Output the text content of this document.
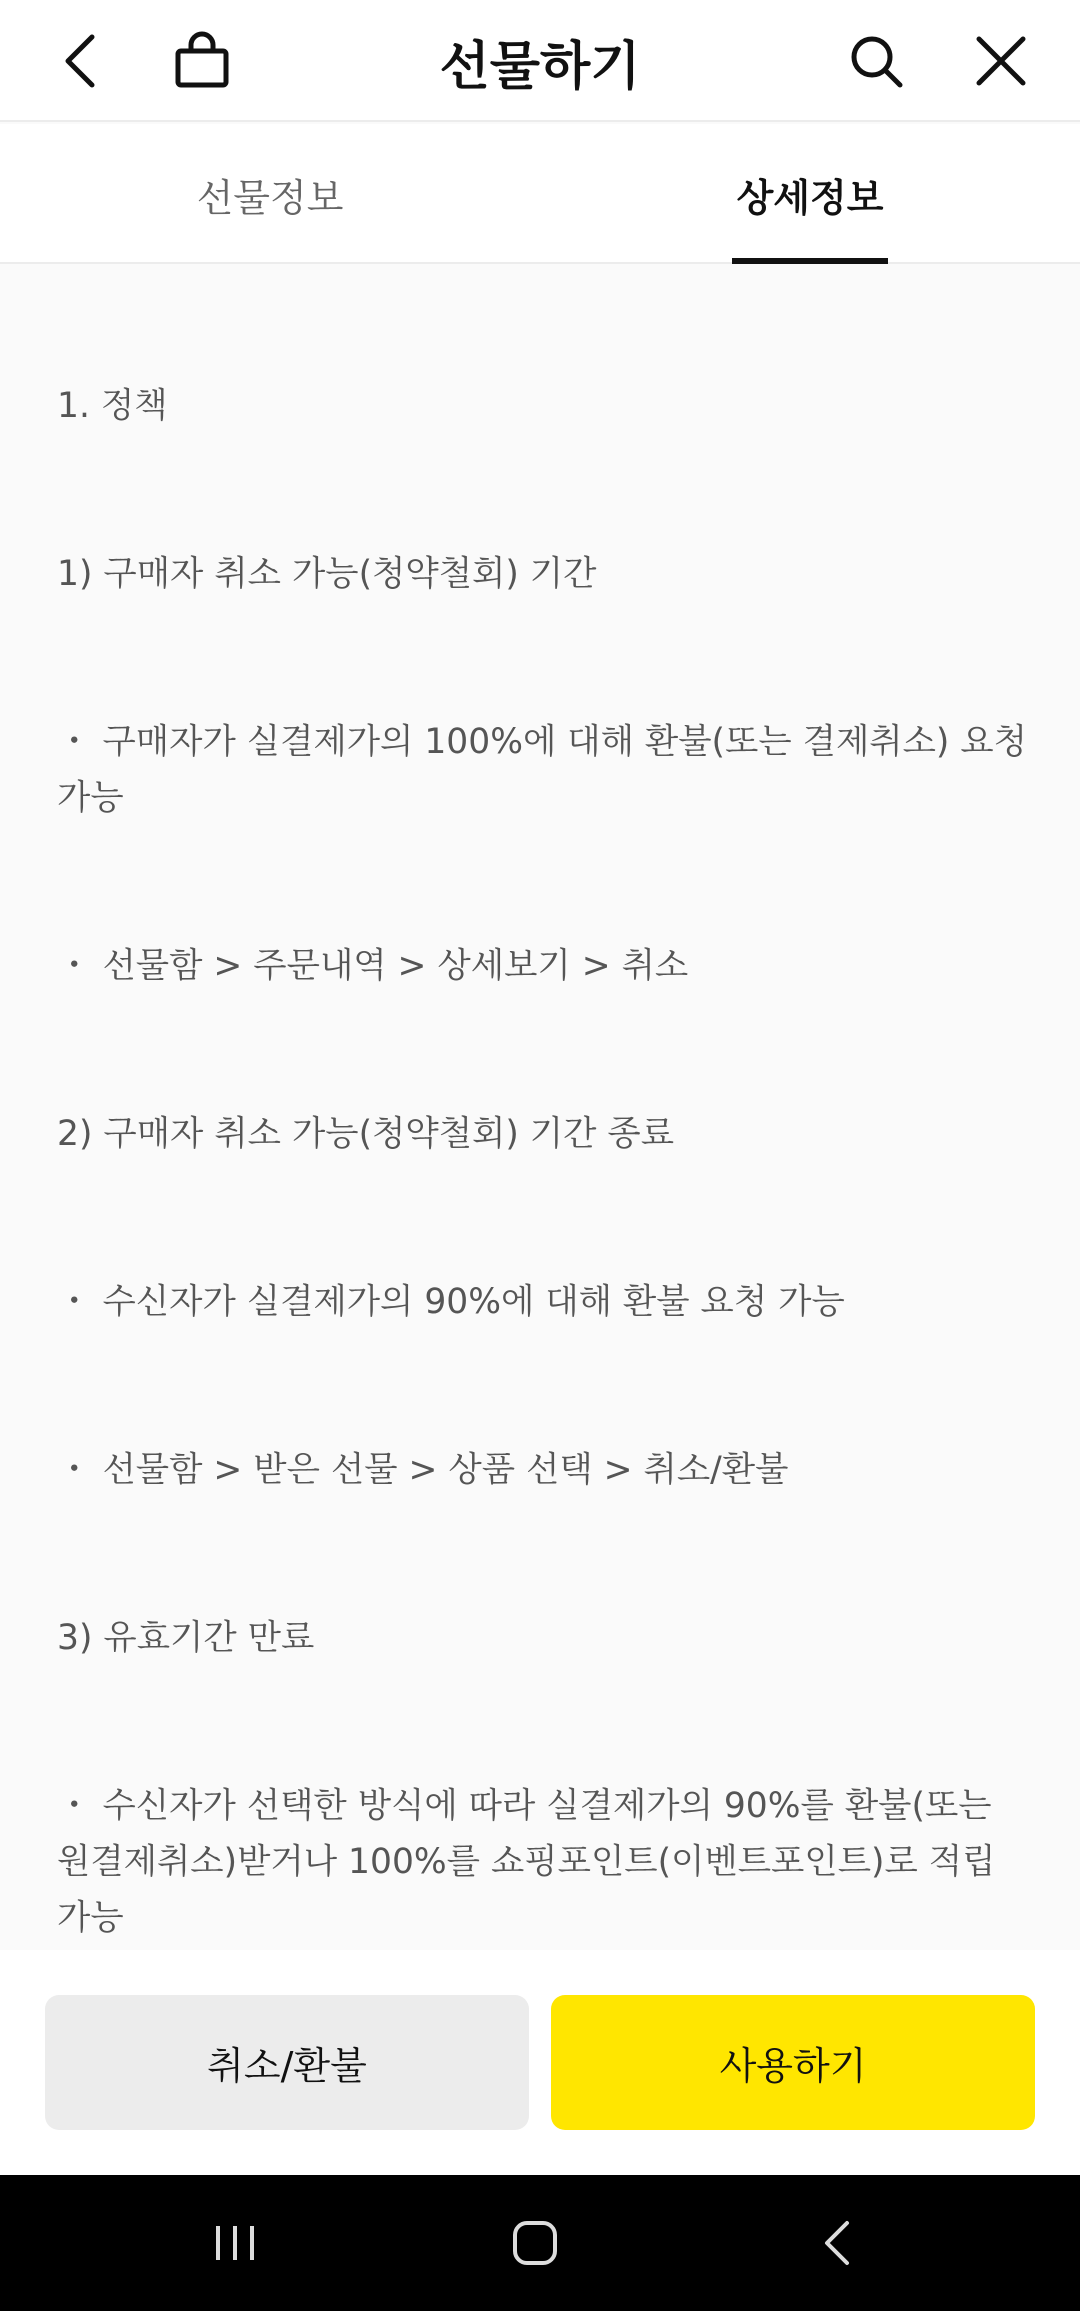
선물하기
선물정보	상세정보

1. 정책

1) 구매자 취소 가능(청약철회) 기간

・ 구매자가 실결제가의 100%에 대해 환불(또는 결제취소) 요청 가능

・ 선물함 > 주문내역 > 상세보기 > 취소

2) 구매자 취소 가능(청약철회) 기간 종료

・ 수신자가 실결제가의 90%에 대해 환불 요청 가능

・ 선물함 > 받은 선물 > 상품 선택 > 취소/환불

3) 유효기간 만료

・ 수신자가 선택한 방식에 따라 실결제가의 90%를 환불(또는 원결제취소)받거나 100%를 쇼핑포인트(이벤트포인트)로 적립 가능

취소/환불	사용하기
